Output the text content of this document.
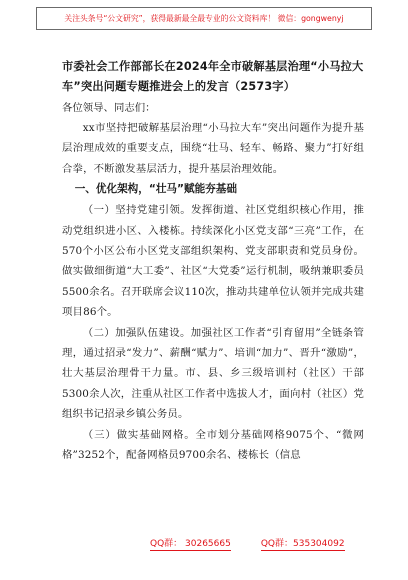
关注头条号“公文研究”，获得最新最全最专业的公文资料库！ 微信：gongwenyj
市委社会工作部部长在2024年全市破解基层治理“小马拉大车”突出问题专题推进会上的发言（2573字）

各位领导、同志们：

xx市坚持把破解基层治理“小马拉大车”突出问题作为提升基层治理成效的重要支点，围绕“壮马、轻车、畅路、聚力”打好组合拳，不断激发基层活力，提升基层治理效能。

一、优化架构，“壮马”赋能夯基础

（一）坚持党建引领。发挥街道、社区党组织核心作用，推动党组织进小区、入楼栋。持续深化小区党支部“三亮”工作，在570个小区公布小区党支部组织架构、党支部职责和党员身份。做实做细街道“大工委”、社区“大党委”运行机制，吸纳兼职委员5500余名。召开联席会议110次，推动共建单位认领并完成共建项目86个。

（二）加强队伍建设。加强社区工作者“引育留用”全链条管理，通过招录“发力”、薪酬“赋力”、培训“加力”、晋升“激励”，壮大基层治理骨干力量。市、县、乡三级培训村（社区）干部5300余人次，注重从社区工作者中选拔人才，面向村（社区）党组织书记招录乡镇公务员。

（三）做实基础网格。全市划分基础网格9075个、“微网格”3252个，配备网格员9700余名、楼栋长（信息

QQ群： 30265665	QQ群：535304092
